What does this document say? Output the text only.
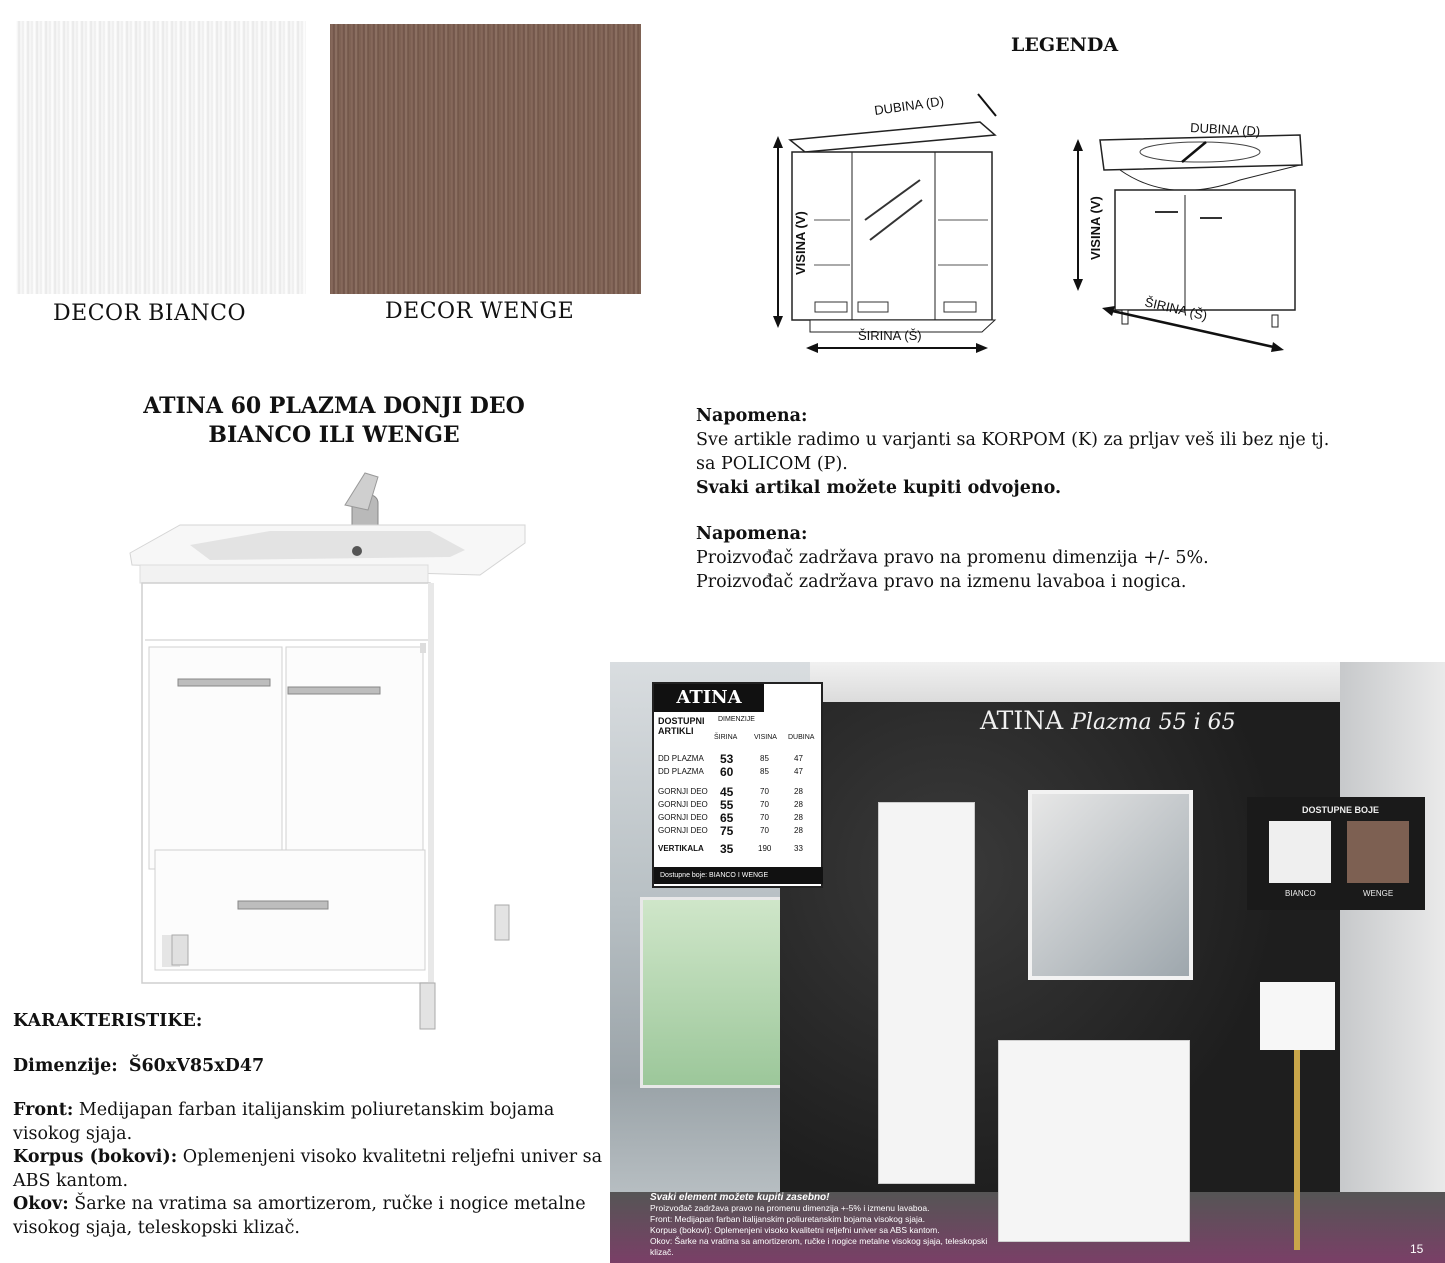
DECOR BIANCO	DECOR WENGE
LEGENDA
VISINA (V)
ŠIRINA (Š)
DUBINA (D)
VISINA (V)
ŠIRINA (Š)
DUBINA (D)
ATINA 60 PLAZMA DONJI DEO
BIANCO ILI WENGE

Napomena:

Sve artikle radimo u varjanti sa KORPOM (K) za prljav veš ili bez nje tj.

sa POLICOM (P).

Svaki artikal možete kupiti odvojeno.

Napomena:

Proizvođač zadržava pravo na promenu dimenzija +/- 5%.

Proizvođač zadržava pravo na izmenu lavaboa i nogica.

KARAKTERISTIKE:

Dimenzije: Š60xV85xD47

Front: Medijapan farban italijanskim poliuretanskim bojama visokog sjaja.

Korpus (bokovi): Oplemenjeni visoko kvalitetni reljefni univer sa ABS kantom.

Okov: Šarke na vratima sa amortizerom, ručke i nogice metalne visokog sjaja, teleskopski klizač.

ATINA Plazma 55 i 65
ATINA
DOSTUPNI ARTIKLI
DIMENZIJE
ŠIRINA VISINA DUBINA
DD PLAZMA 53	85	47
DD PLAZMA 60	85	47
GORNJI DEO 45	70	28
GORNJI DEO 55	70	28
GORNJI DEO 65	70	28
GORNJI DEO 75	70	28
VERTIKALA 35	190	33
Dostupne boje: BIANCO I WENGE
DOSTUPNE BOJE
BIANCO	WENGE
Svaki element možete kupiti zasebno!
Proizvođač zadržava pravo na promenu dimenzija +-5% i izmenu lavaboa.
Front: Medijapan farban italijanskim poliuretanskim bojama visokog sjaja.
Korpus (bokovi): Oplemenjeni visoko kvalitetni reljefni univer sa ABS kantom.
Okov: Šarke na vratima sa amortizerom, ručke i nogice metalne visokog sjaja, teleskopski klizač.	15
